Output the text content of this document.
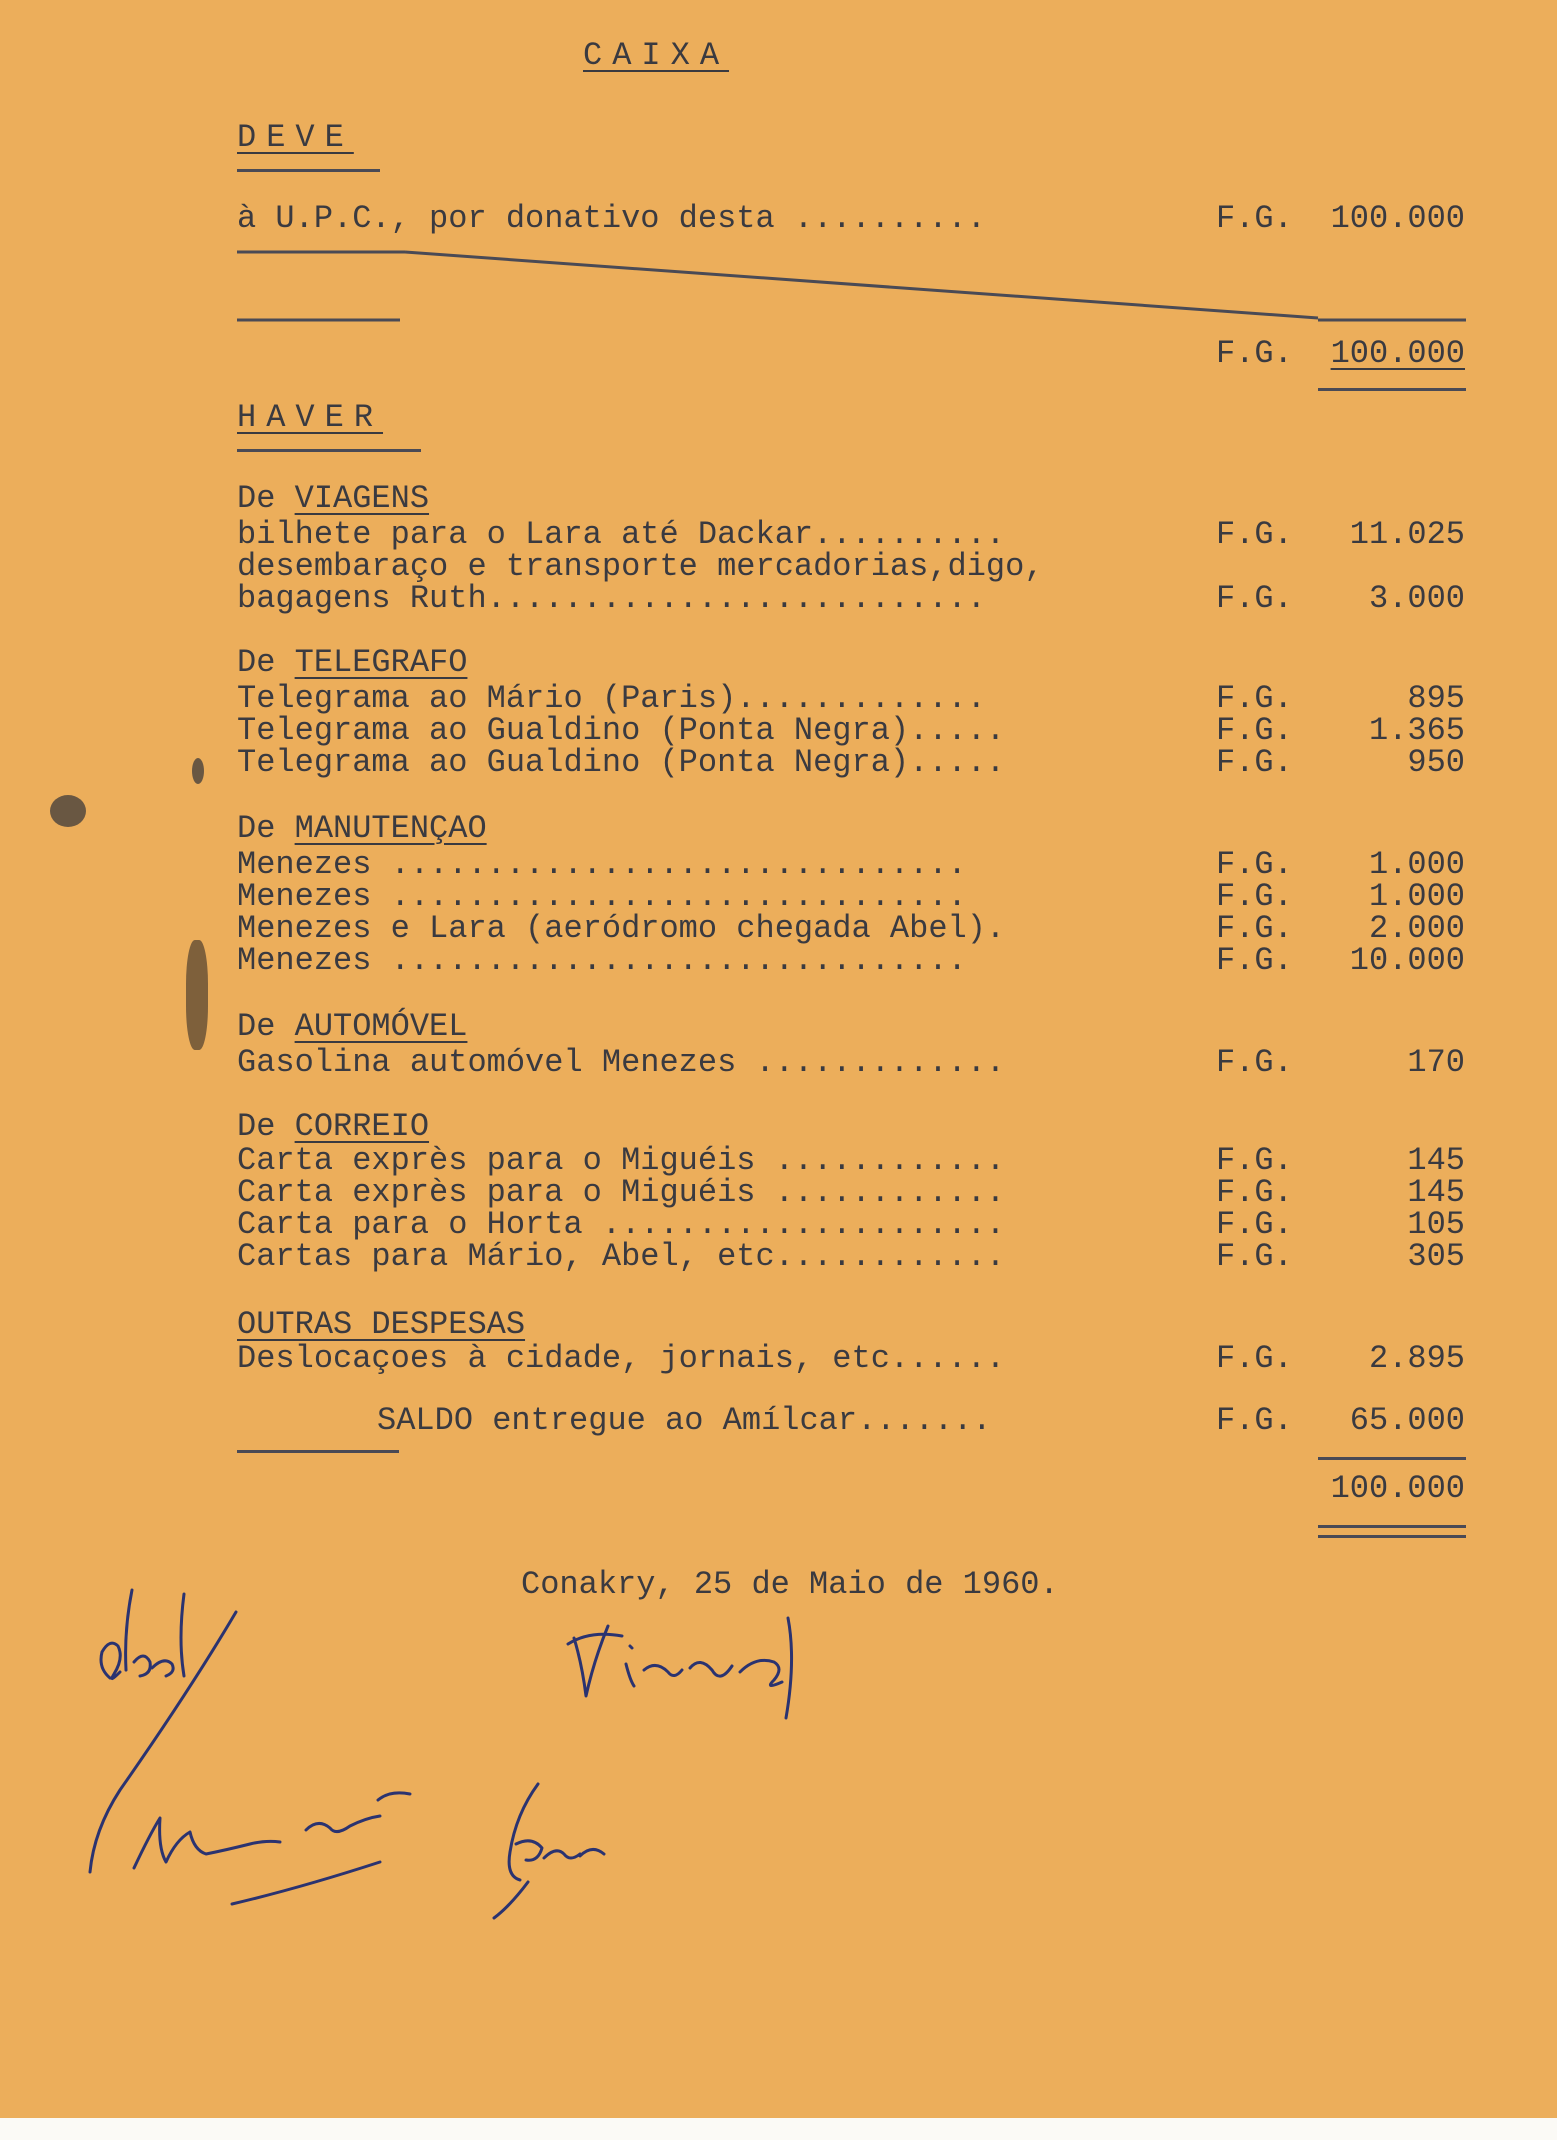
CAIXA
DEVE
à U.P.C., por donativo desta ..........	F.G.	100.000
F.G.	100.000
HAVER
De VIAGENS
bilhete para o Lara até Dackar..........	F.G.	11.025
desembaraço e transporte mercadorias,digo,
bagagens Ruth..........................	F.G.	3.000
De TELEGRAFO
Telegrama ao Mário (Paris).............	F.G.	895
Telegrama ao Gualdino (Ponta Negra).....	F.G.	1.365
Telegrama ao Gualdino (Ponta Negra).....	F.G.	950
De MANUTENÇAO
Menezes ..............................	F.G.	1.000
Menezes ..............................	F.G.	1.000
Menezes e Lara (aeródromo chegada Abel).	F.G.	2.000
Menezes ..............................	F.G.	10.000
De AUTOMÓVEL
Gasolina automóvel Menezes .............	F.G.	170
De CORREIO
Carta exprès para o Miguéis ............	F.G.	145
Carta exprès para o Miguéis ............	F.G.	145
Carta para o Horta .....................	F.G.	105
Cartas para Mário, Abel, etc............	F.G.	305
OUTRAS DESPESAS
Deslocaçoes à cidade, jornais, etc......	F.G.	2.895
SALDO entregue ao Amílcar.......	F.G.	65.000
100.000
Conakry, 25 de Maio de 1960.
